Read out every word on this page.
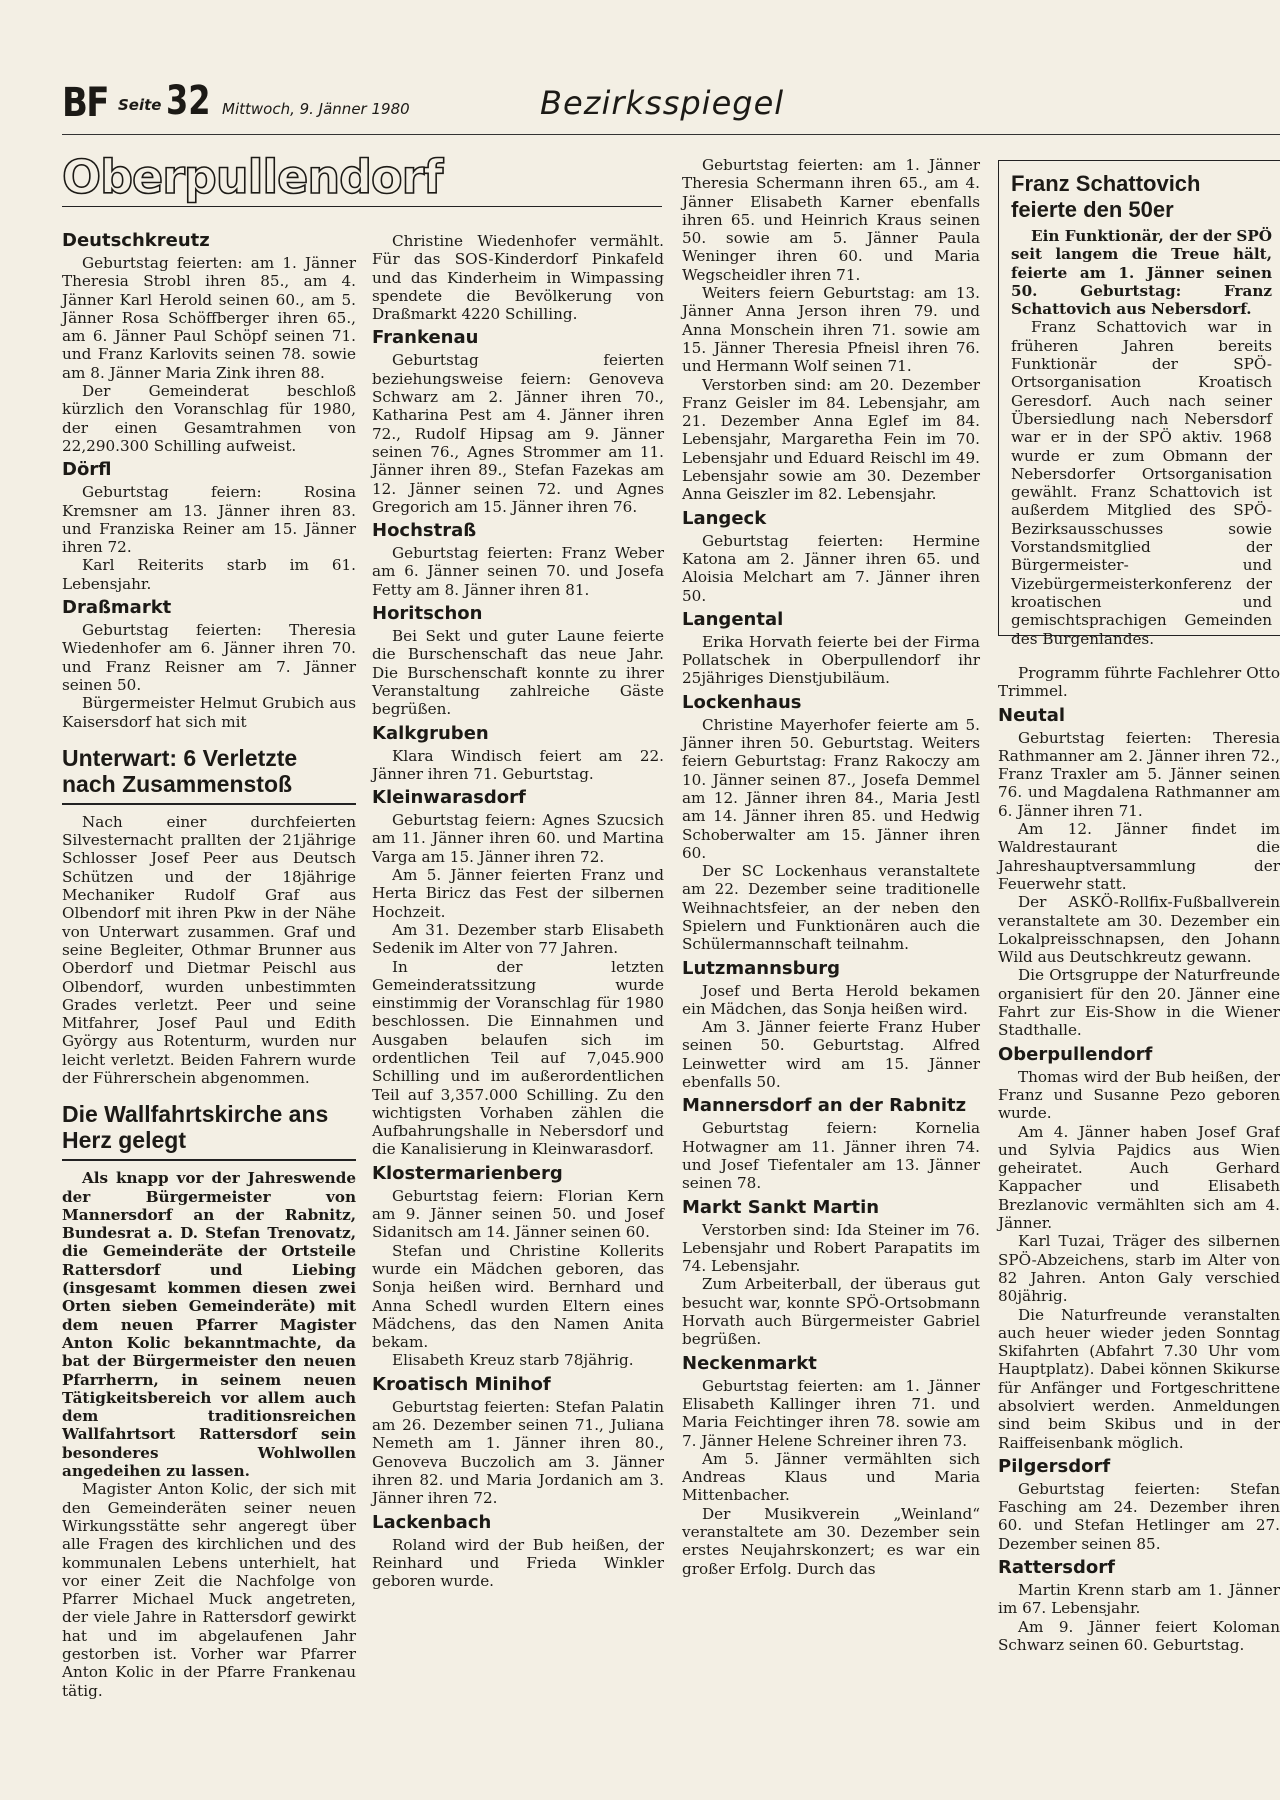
BF Seite 32 Mittwoch, 9. Jänner 1980	Bezirksspiegel
Oberpullendorf
Deutschkreutz

Geburtstag feierten: am 1. Jänner Theresia Strobl ihren 85., am 4. Jänner Karl Herold seinen 60., am 5. Jänner Rosa Schöffberger ihren 65., am 6. Jänner Paul Schöpf seinen 71. und Franz Karlovits seinen 78. sowie am 8. Jänner Maria Zink ihren 88.

Der Gemeinderat beschloß kürzlich den Voranschlag für 1980, der einen Gesamtrahmen von 22,290.300 Schilling aufweist.

Dörfl

Geburtstag feiern: Rosina Kremsner am 13. Jänner ihren 83. und Franziska Reiner am 15. Jänner ihren 72.

Karl Reiterits starb im 61. Lebensjahr.

Draßmarkt

Geburtstag feierten: Theresia Wiedenhofer am 6. Jänner ihren 70. und Franz Reisner am 7. Jänner seinen 50.

Bürgermeister Helmut Grubich aus Kaisersdorf hat sich mit

Unterwart: 6 Verletzte nach Zusammenstoß

Nach einer durchfeierten Silvesternacht prallten der 21jährige Schlosser Josef Peer aus Deutsch Schützen und der 18jährige Mechaniker Rudolf Graf aus Olbendorf mit ihren Pkw in der Nähe von Unterwart zusammen. Graf und seine Begleiter, Othmar Brunner aus Oberdorf und Dietmar Peischl aus Olbendorf, wurden unbestimmten Grades verletzt. Peer und seine Mitfahrer, Josef Paul und Edith György aus Rotenturm, wurden nur leicht verletzt. Beiden Fahrern wurde der Führerschein abgenommen.

Die Wallfahrtskirche ans Herz gelegt

Als knapp vor der Jahreswende der Bürgermeister von Mannersdorf an der Rabnitz, Bundesrat a. D. Stefan Trenovatz, die Gemeinderäte der Ortsteile Rattersdorf und Liebing (insgesamt kommen diesen zwei Orten sieben Gemeinderäte) mit dem neuen Pfarrer Magister Anton Kolic bekanntmachte, da bat der Bürgermeister den neuen Pfarrherrn, in seinem neuen Tätigkeitsbereich vor allem auch dem traditionsreichen Wallfahrtsort Rattersdorf sein besonderes Wohlwollen angedeihen zu lassen.

Magister Anton Kolic, der sich mit den Gemeinderäten seiner neuen Wirkungsstätte sehr angeregt über alle Fragen des kirchlichen und des kommunalen Lebens unterhielt, hat vor einer Zeit die Nachfolge von Pfarrer Michael Muck angetreten, der viele Jahre in Rattersdorf gewirkt hat und im abgelaufenen Jahr gestorben ist. Vorher war Pfarrer Anton Kolic in der Pfarre Frankenau tätig.

Christine Wiedenhofer vermählt. Für das SOS-Kinderdorf Pinkafeld und das Kinderheim in Wimpassing spendete die Bevölkerung von Draßmarkt 4220 Schilling.

Frankenau

Geburtstag feierten beziehungsweise feiern: Genoveva Schwarz am 2. Jänner ihren 70., Katharina Pest am 4. Jänner ihren 72., Rudolf Hipsag am 9. Jänner seinen 76., Agnes Strommer am 11. Jänner ihren 89., Stefan Fazekas am 12. Jänner seinen 72. und Agnes Gregorich am 15. Jänner ihren 76.

Hochstraß

Geburtstag feierten: Franz Weber am 6. Jänner seinen 70. und Josefa Fetty am 8. Jänner ihren 81.

Horitschon

Bei Sekt und guter Laune feierte die Burschenschaft das neue Jahr. Die Burschenschaft konnte zu ihrer Veranstaltung zahlreiche Gäste begrüßen.

Kalkgruben

Klara Windisch feiert am 22. Jänner ihren 71. Geburtstag.

Kleinwarasdorf

Geburtstag feiern: Agnes Szucsich am 11. Jänner ihren 60. und Martina Varga am 15. Jänner ihren 72.

Am 5. Jänner feierten Franz und Herta Biricz das Fest der silbernen Hochzeit.

Am 31. Dezember starb Elisabeth Sedenik im Alter von 77 Jahren.

In der letzten Gemeinderatssitzung wurde einstimmig der Voranschlag für 1980 beschlossen. Die Einnahmen und Ausgaben belaufen sich im ordentlichen Teil auf 7,045.900 Schilling und im außerordentlichen Teil auf 3,357.000 Schilling. Zu den wichtigsten Vorhaben zählen die Aufbahrungshalle in Nebersdorf und die Kanalisierung in Kleinwarasdorf.

Klostermarienberg

Geburtstag feiern: Florian Kern am 9. Jänner seinen 50. und Josef Sidanitsch am 14. Jänner seinen 60.

Stefan und Christine Kollerits wurde ein Mädchen geboren, das Sonja heißen wird. Bernhard und Anna Schedl wurden Eltern eines Mädchens, das den Namen Anita bekam.

Elisabeth Kreuz starb 78jährig.

Kroatisch Minihof

Geburtstag feierten: Stefan Palatin am 26. Dezember seinen 71., Juliana Nemeth am 1. Jänner ihren 80., Genoveva Buczolich am 3. Jänner ihren 82. und Maria Jordanich am 3. Jänner ihren 72.

Lackenbach

Roland wird der Bub heißen, der Reinhard und Frieda Winkler geboren wurde.

Geburtstag feierten: am 1. Jänner Theresia Schermann ihren 65., am 4. Jänner Elisabeth Karner ebenfalls ihren 65. und Heinrich Kraus seinen 50. sowie am 5. Jänner Paula Weninger ihren 60. und Maria Wegscheidler ihren 71.

Weiters feiern Geburtstag: am 13. Jänner Anna Jerson ihren 79. und Anna Monschein ihren 71. sowie am 15. Jänner Theresia Pfneisl ihren 76. und Hermann Wolf seinen 71.

Verstorben sind: am 20. Dezember Franz Geisler im 84. Lebensjahr, am 21. Dezember Anna Eglef im 84. Lebensjahr, Margaretha Fein im 70. Lebensjahr und Eduard Reischl im 49. Lebensjahr sowie am 30. Dezember Anna Geiszler im 82. Lebensjahr.

Langeck

Geburtstag feierten: Hermine Katona am 2. Jänner ihren 65. und Aloisia Melchart am 7. Jänner ihren 50.

Langental

Erika Horvath feierte bei der Firma Pollatschek in Oberpullendorf ihr 25jähriges Dienstjubiläum.

Lockenhaus

Christine Mayerhofer feierte am 5. Jänner ihren 50. Geburtstag. Weiters feiern Geburtstag: Franz Rakoczy am 10. Jänner seinen 87., Josefa Demmel am 12. Jänner ihren 84., Maria Jestl am 14. Jänner ihren 85. und Hedwig Schoberwalter am 15. Jänner ihren 60.

Der SC Lockenhaus veranstaltete am 22. Dezember seine traditionelle Weihnachtsfeier, an der neben den Spielern und Funktionären auch die Schülermannschaft teilnahm.

Lutzmannsburg

Josef und Berta Herold bekamen ein Mädchen, das Sonja heißen wird.

Am 3. Jänner feierte Franz Huber seinen 50. Geburtstag. Alfred Leinwetter wird am 15. Jänner ebenfalls 50.

Mannersdorf an der Rabnitz

Geburtstag feiern: Kornelia Hotwagner am 11. Jänner ihren 74. und Josef Tiefentaler am 13. Jänner seinen 78.

Markt Sankt Martin

Verstorben sind: Ida Steiner im 76. Lebensjahr und Robert Parapatits im 74. Lebensjahr.

Zum Arbeiterball, der überaus gut besucht war, konnte SPÖ-Ortsobmann Horvath auch Bürgermeister Gabriel begrüßen.

Neckenmarkt

Geburtstag feierten: am 1. Jänner Elisabeth Kallinger ihren 71. und Maria Feichtinger ihren 78. sowie am 7. Jänner Helene Schreiner ihren 73.

Am 5. Jänner vermählten sich Andreas Klaus und Maria Mittenbacher.

Der Musikverein „Weinland“ veranstaltete am 30. Dezember sein erstes Neujahrskonzert; es war ein großer Erfolg. Durch das

Franz Schattovich feierte den 50er

Ein Funktionär, der der SPÖ seit langem die Treue hält, feierte am 1. Jänner seinen 50. Geburtstag: Franz Schattovich aus Nebersdorf.

Franz Schattovich war in früheren Jahren bereits Funktionär der SPÖ-Ortsorganisation Kroatisch Geresdorf. Auch nach seiner Übersiedlung nach Nebersdorf war er in der SPÖ aktiv. 1968 wurde er zum Obmann der Nebersdorfer Ortsorganisation gewählt. Franz Schattovich ist außerdem Mitglied des SPÖ-Bezirksausschusses sowie Vorstandsmitglied der Bürgermeister- und Vizebürgermeisterkonferenz der kroatischen und gemischtsprachigen Gemeinden des Burgenlandes.

Programm führte Fachlehrer Otto Trimmel.

Neutal

Geburtstag feierten: Theresia Rathmanner am 2. Jänner ihren 72., Franz Traxler am 5. Jänner seinen 76. und Magdalena Rathmanner am 6. Jänner ihren 71.

Am 12. Jänner findet im Waldrestaurant die Jahreshauptversammlung der Feuerwehr statt.

Der ASKÖ-Rollfix-Fußballverein veranstaltete am 30. Dezember ein Lokalpreisschnapsen, den Johann Wild aus Deutschkreutz gewann.

Die Ortsgruppe der Naturfreunde organisiert für den 20. Jänner eine Fahrt zur Eis-Show in die Wiener Stadthalle.

Oberpullendorf

Thomas wird der Bub heißen, der Franz und Susanne Pezo geboren wurde.

Am 4. Jänner haben Josef Graf und Sylvia Pajdics aus Wien geheiratet. Auch Gerhard Kappacher und Elisabeth Brezlanovic vermählten sich am 4. Jänner.

Karl Tuzai, Träger des silbernen SPÖ-Abzeichens, starb im Alter von 82 Jahren. Anton Galy verschied 80jährig.

Die Naturfreunde veranstalten auch heuer wieder jeden Sonntag Skifahrten (Abfahrt 7.30 Uhr vom Hauptplatz). Dabei können Skikurse für Anfänger und Fortgeschrittene absolviert werden. Anmeldungen sind beim Skibus und in der Raiffeisenbank möglich.

Pilgersdorf

Geburtstag feierten: Stefan Fasching am 24. Dezember ihren 60. und Stefan Hetlinger am 27. Dezember seinen 85.

Rattersdorf

Martin Krenn starb am 1. Jänner im 67. Lebensjahr.

Am 9. Jänner feiert Koloman Schwarz seinen 60. Geburtstag.
